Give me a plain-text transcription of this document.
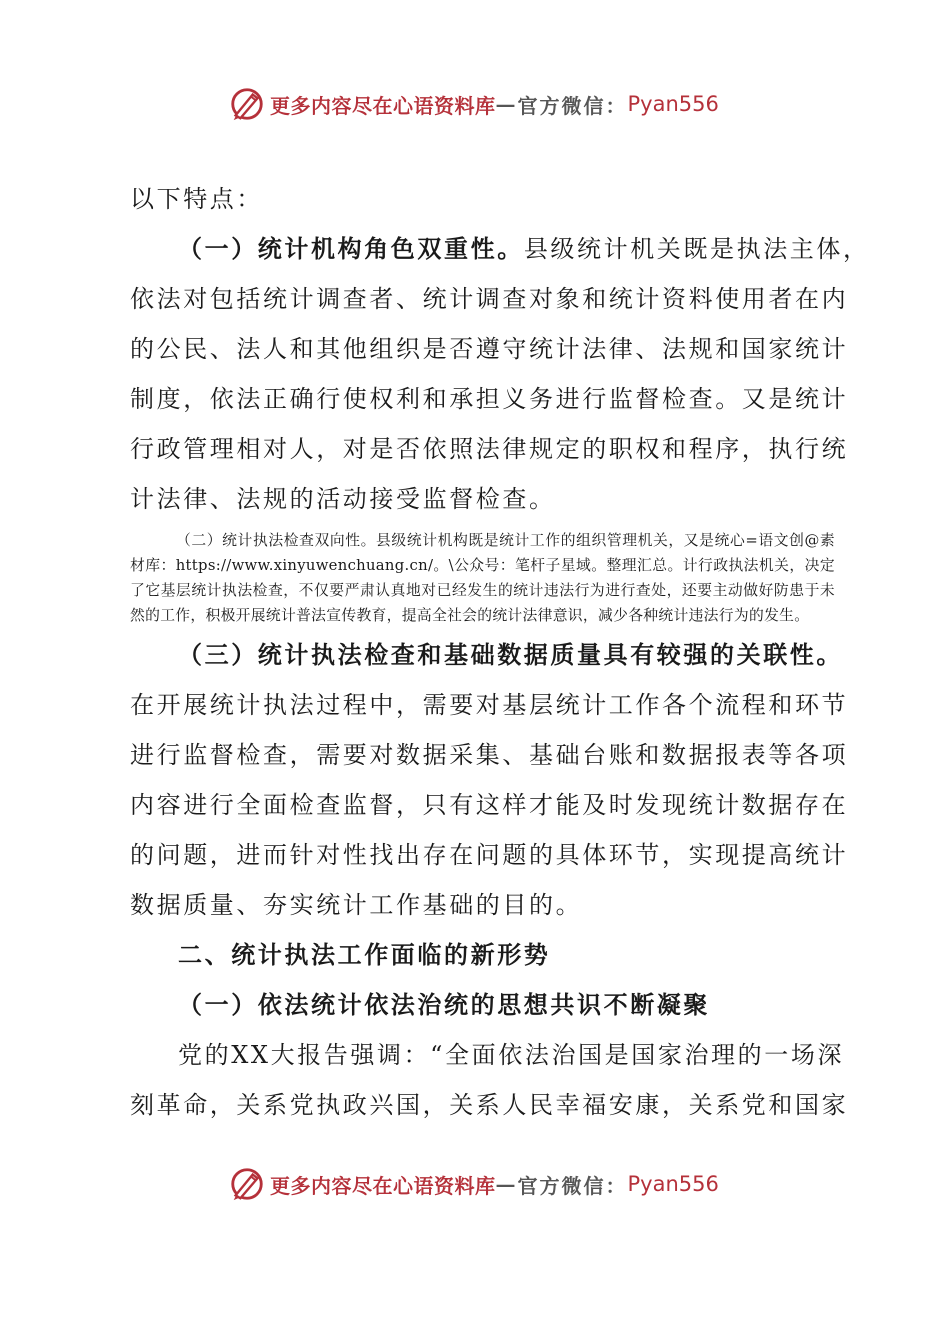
更多内容尽在心语资料库 — 官方微信： Pyan556
以下特点：
（一）统计机构角色双重性。县级统计机关既是执法主体，
依法对包括统计调查者、统计调查对象和统计资料使用者在内
的公民、法人和其他组织是否遵守统计法律、法规和国家统计
制度，依法正确行使权利和承担义务进行监督检查。又是统计
行政管理相对人，对是否依照法律规定的职权和程序，执行统
计法律、法规的活动接受监督检查。
（二）统计执法检查双向性。县级统计机构既是统计工作的组织管理机关，又是统心=语文创@素材库：https://www.xinyuwenchuang.cn/。\公众号：笔杆子星域。整理汇总。计行政执法机关，决定了它基层统计执法检查，不仅要严肃认真地对已经发生的统计违法行为进行查处，还要主动做好防患于未然的工作，积极开展统计普法宣传教育，提高全社会的统计法律意识，减少各种统计违法行为的发生。
（三）统计执法检查和基础数据质量具有较强的关联性。
在开展统计执法过程中，需要对基层统计工作各个流程和环节
进行监督检查，需要对数据采集、基础台账和数据报表等各项
内容进行全面检查监督，只有这样才能及时发现统计数据存在
的问题，进而针对性找出存在问题的具体环节，实现提高统计
数据质量、夯实统计工作基础的目的。
二、统计执法工作面临的新形势
（一）依法统计依法治统的思想共识不断凝聚
党的XX大报告强调：“全面依法治国是国家治理的一场深
刻革命，关系党执政兴国，关系人民幸福安康，关系党和国家
更多内容尽在心语资料库 — 官方微信： Pyan556
